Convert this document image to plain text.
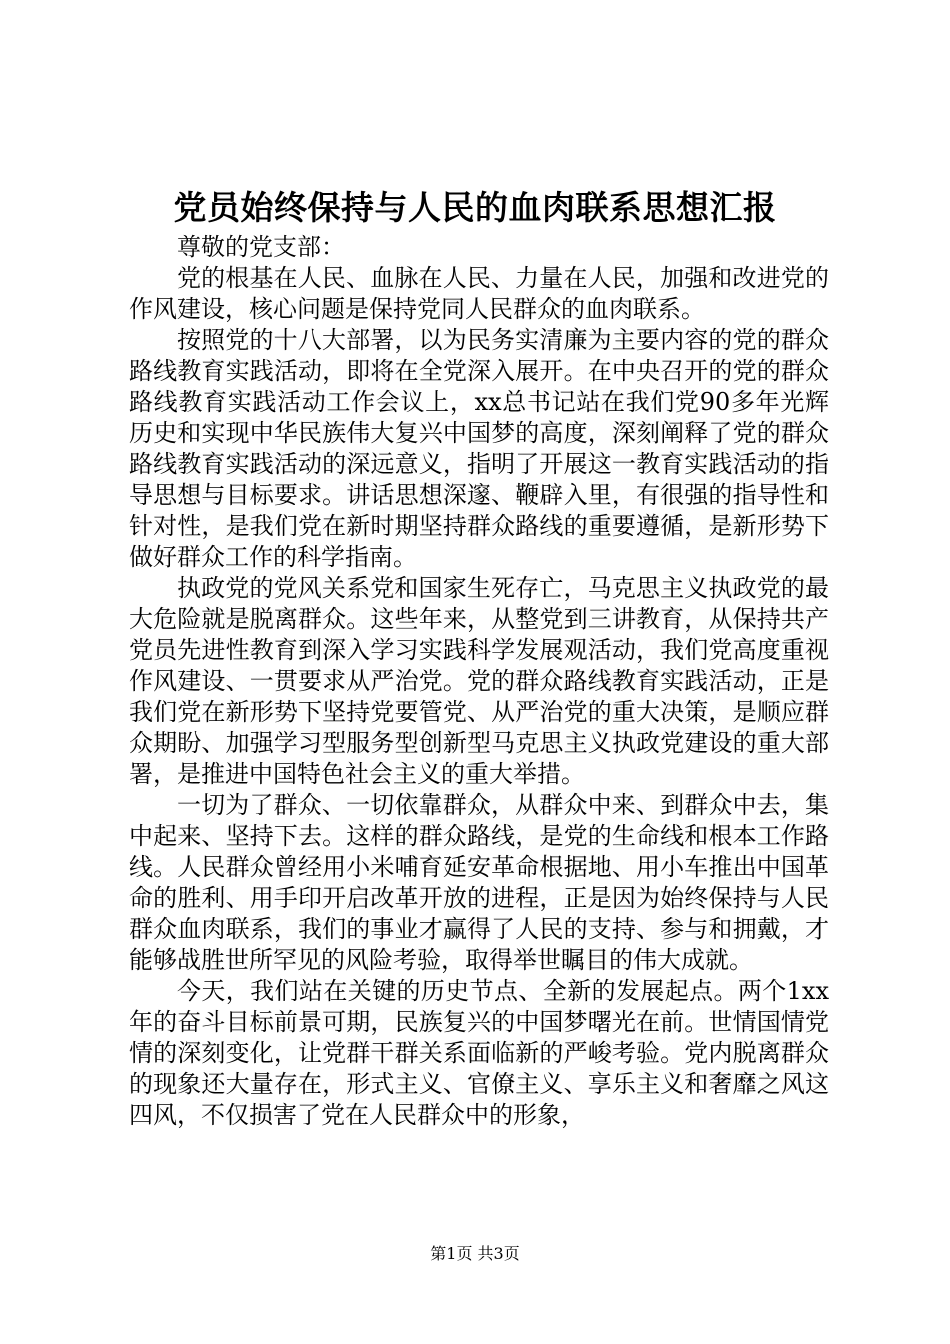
党员始终保持与人民的血肉联系思想汇报
尊敬的党支部：

党的根基在人民、血脉在人民、力量在人民，加强和改进党的作风建设，核心问题是保持党同人民群众的血肉联系。

按照党的十八大部署，以为民务实清廉为主要内容的党的群众路线教育实践活动，即将在全党深入展开。在中央召开的党的群众路线教育实践活动工作会议上，xx总书记站在我们党90多年光辉历史和实现中华民族伟大复兴中国梦的高度，深刻阐释了党的群众路线教育实践活动的深远意义，指明了开展这一教育实践活动的指导思想与目标要求。讲话思想深邃、鞭辟入里，有很强的指导性和针对性，是我们党在新时期坚持群众路线的重要遵循，是新形势下做好群众工作的科学指南。

执政党的党风关系党和国家生死存亡，马克思主义执政党的最大危险就是脱离群众。这些年来，从整党到三讲教育，从保持共产党员先进性教育到深入学习实践科学发展观活动，我们党高度重视作风建设、一贯要求从严治党。党的群众路线教育实践活动，正是我们党在新形势下坚持党要管党、从严治党的重大决策，是顺应群众期盼、加强学习型服务型创新型马克思主义执政党建设的重大部署，是推进中国特色社会主义的重大举措。

一切为了群众、一切依靠群众，从群众中来、到群众中去，集中起来、坚持下去。这样的群众路线，是党的生命线和根本工作路线。人民群众曾经用小米哺育延安革命根据地、用小车推出中国革命的胜利、用手印开启改革开放的进程，正是因为始终保持与人民群众血肉联系，我们的事业才赢得了人民的支持、参与和拥戴，才能够战胜世所罕见的风险考验，取得举世瞩目的伟大成就。

今天，我们站在关键的历史节点、全新的发展起点。两个1xx年的奋斗目标前景可期，民族复兴的中国梦曙光在前。世情国情党情的深刻变化，让党群干群关系面临新的严峻考验。党内脱离群众的现象还大量存在，形式主义、官僚主义、享乐主义和奢靡之风这四风，不仅损害了党在人民群众中的形象，

第1页 共3页
